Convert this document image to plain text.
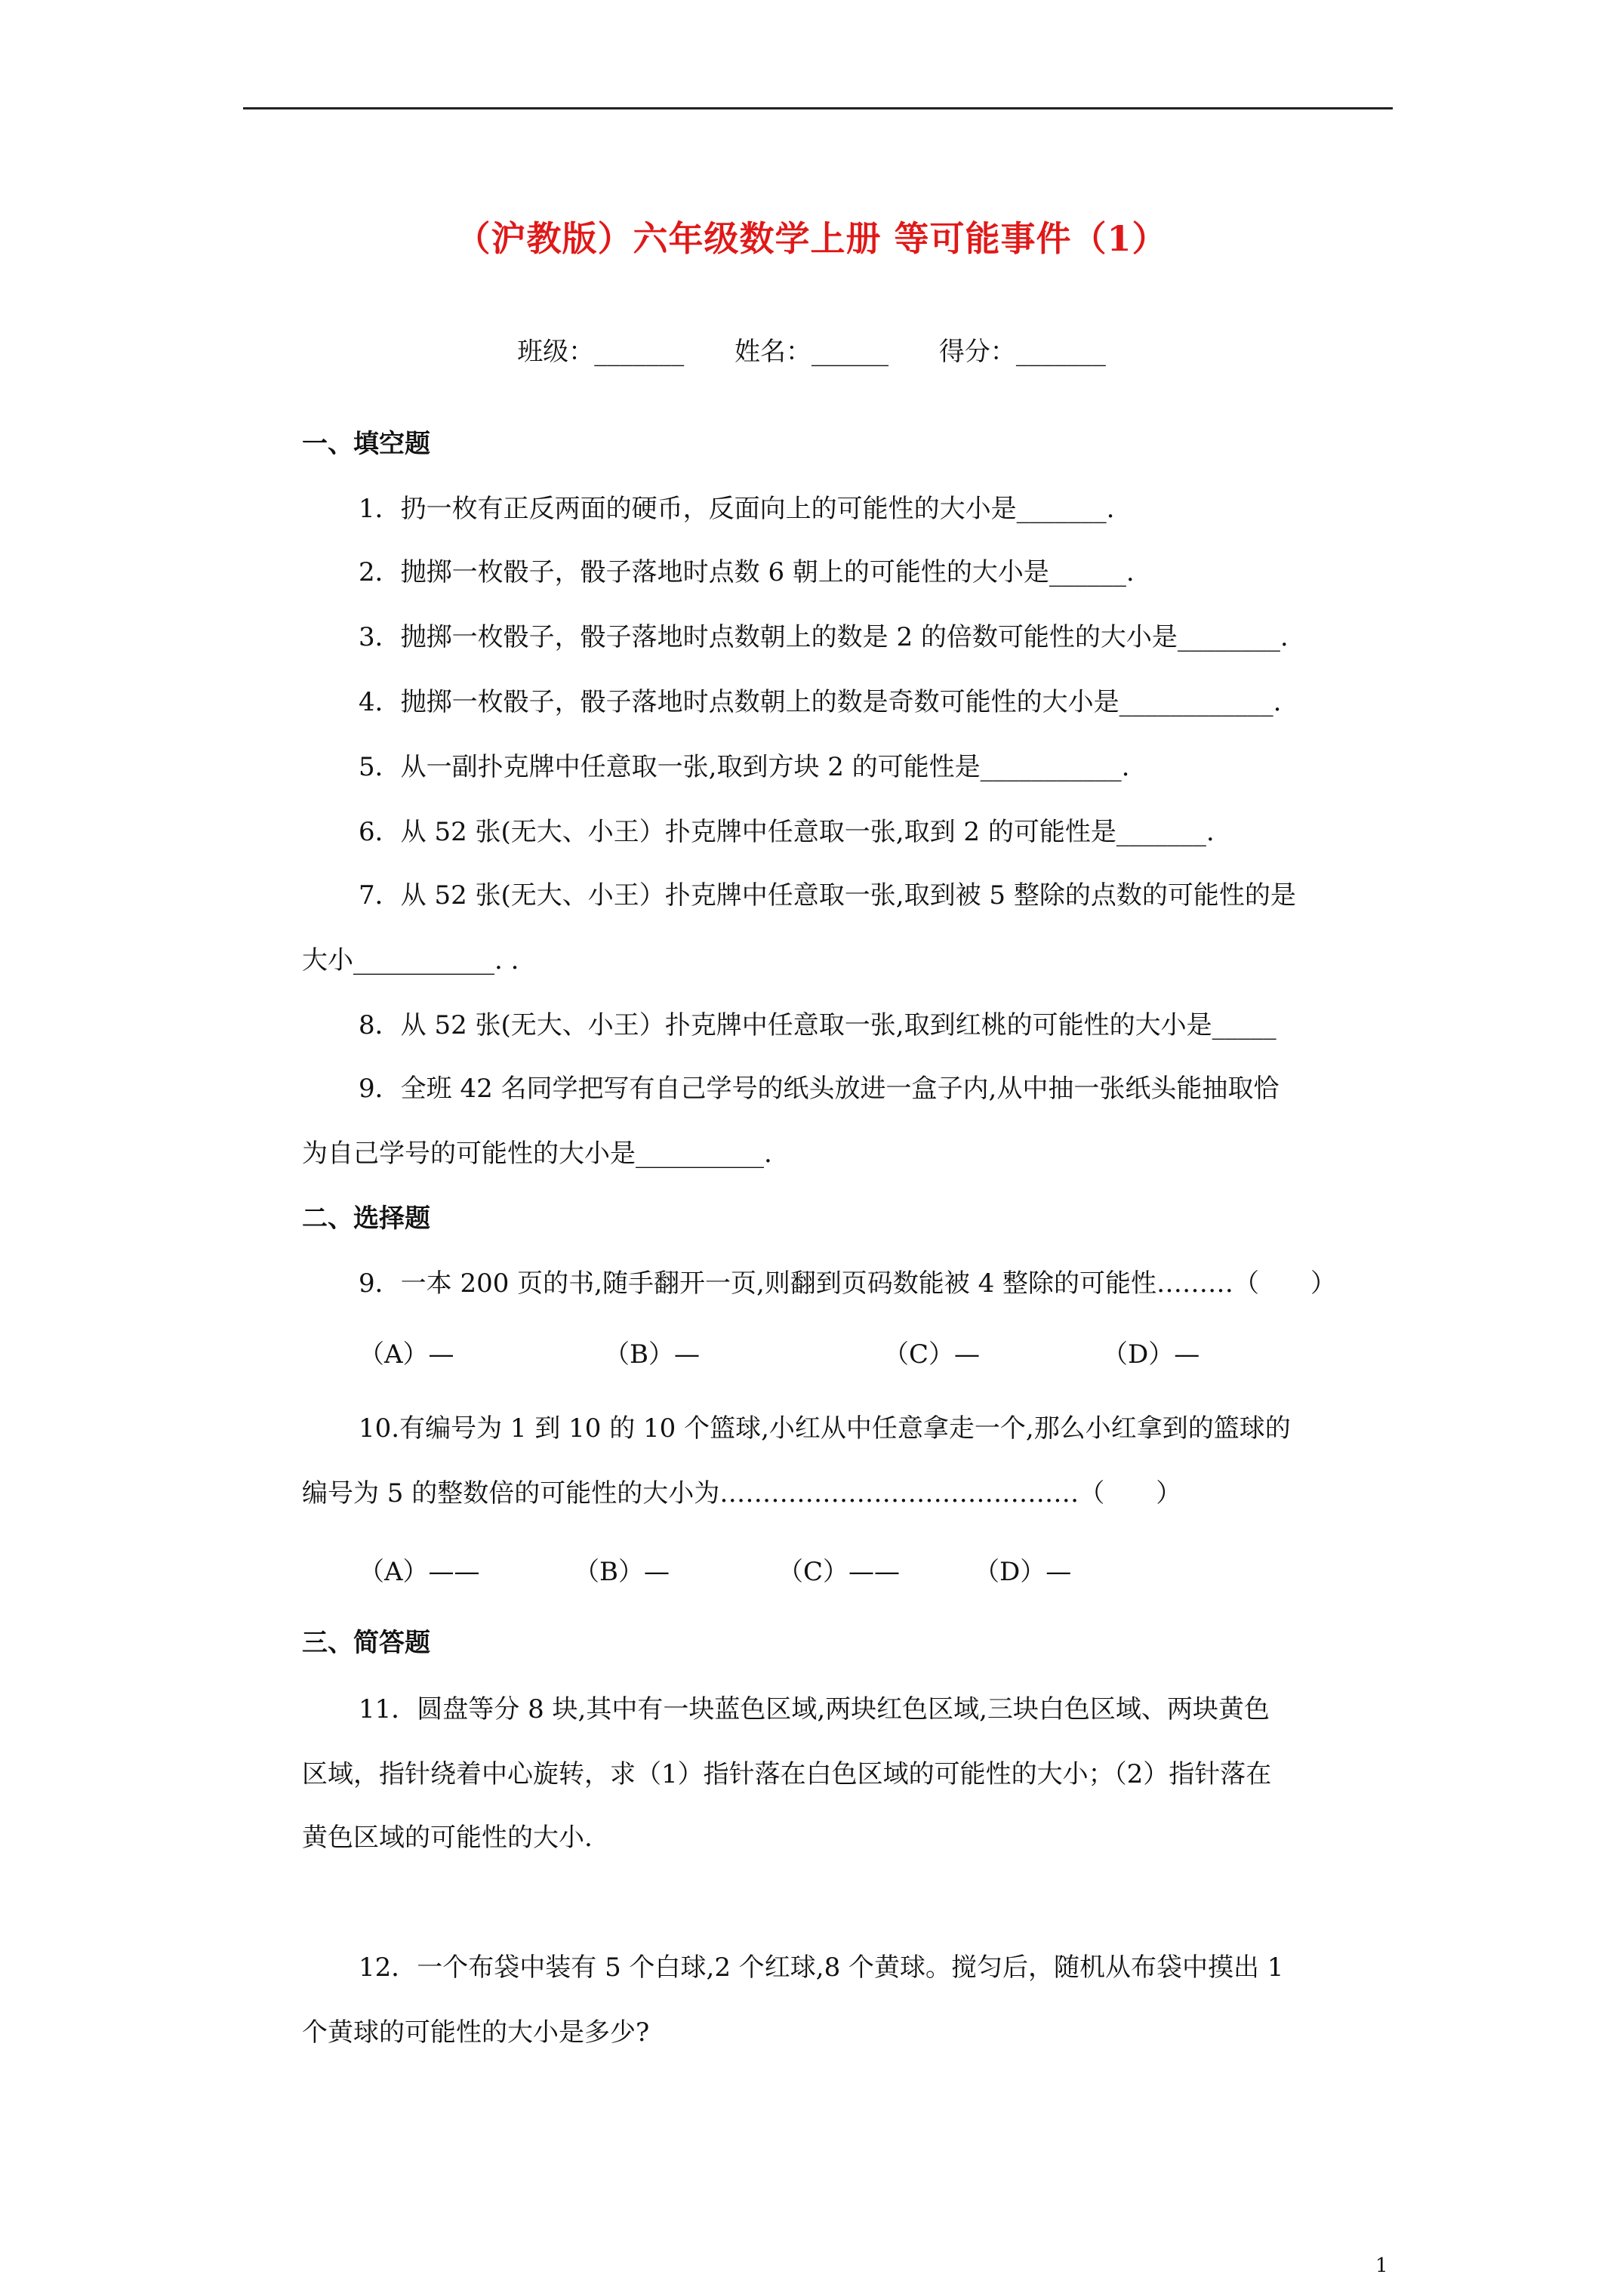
（沪教版）六年级数学上册 等可能事件（1）
班级：_______ 姓名：______ 得分：_______
一、填空题
1．扔一枚有正反两面的硬币，反面向上的可能性的大小是_______.
2．抛掷一枚骰子，骰子落地时点数 6 朝上的可能性的大小是______.
3．抛掷一枚骰子，骰子落地时点数朝上的数是 2 的倍数可能性的大小是________.
4．抛掷一枚骰子，骰子落地时点数朝上的数是奇数可能性的大小是____________.
5．从一副扑克牌中任意取一张,取到方块 2 的可能性是___________.
6．从 52 张(无大、小王）扑克牌中任意取一张,取到 2 的可能性是_______.
7．从 52 张(无大、小王）扑克牌中任意取一张,取到被 5 整除的点数的可能性的是
大小___________. .
8．从 52 张(无大、小王）扑克牌中任意取一张,取到红桃的可能性的大小是_____
9．全班 42 名同学把写有自己学号的纸头放进一盒子内,从中抽一张纸头能抽取恰
为自己学号的可能性的大小是__________.
二、选择题
9．一本 200 页的书,随手翻开一页,则翻到页码数能被 4 整除的可能性………（　　）
（A）—	（B）—	（C）—	（D）—
10.有编号为 1 到 10 的 10 个篮球,小红从中任意拿走一个,那么小红拿到的篮球的
编号为 5 的整数倍的可能性的大小为……………………………………（　　）
（A）——	（B）—	（C）——	（D）—
三、简答题
11．圆盘等分 8 块,其中有一块蓝色区域,两块红色区域,三块白色区域、两块黄色
区域，指针绕着中心旋转，求（1）指针落在白色区域的可能性的大小；（2）指针落在
黄色区域的可能性的大小.
12．一个布袋中装有 5 个白球,2 个红球,8 个黄球。搅匀后，随机从布袋中摸出 1
个黄球的可能性的大小是多少?
1
